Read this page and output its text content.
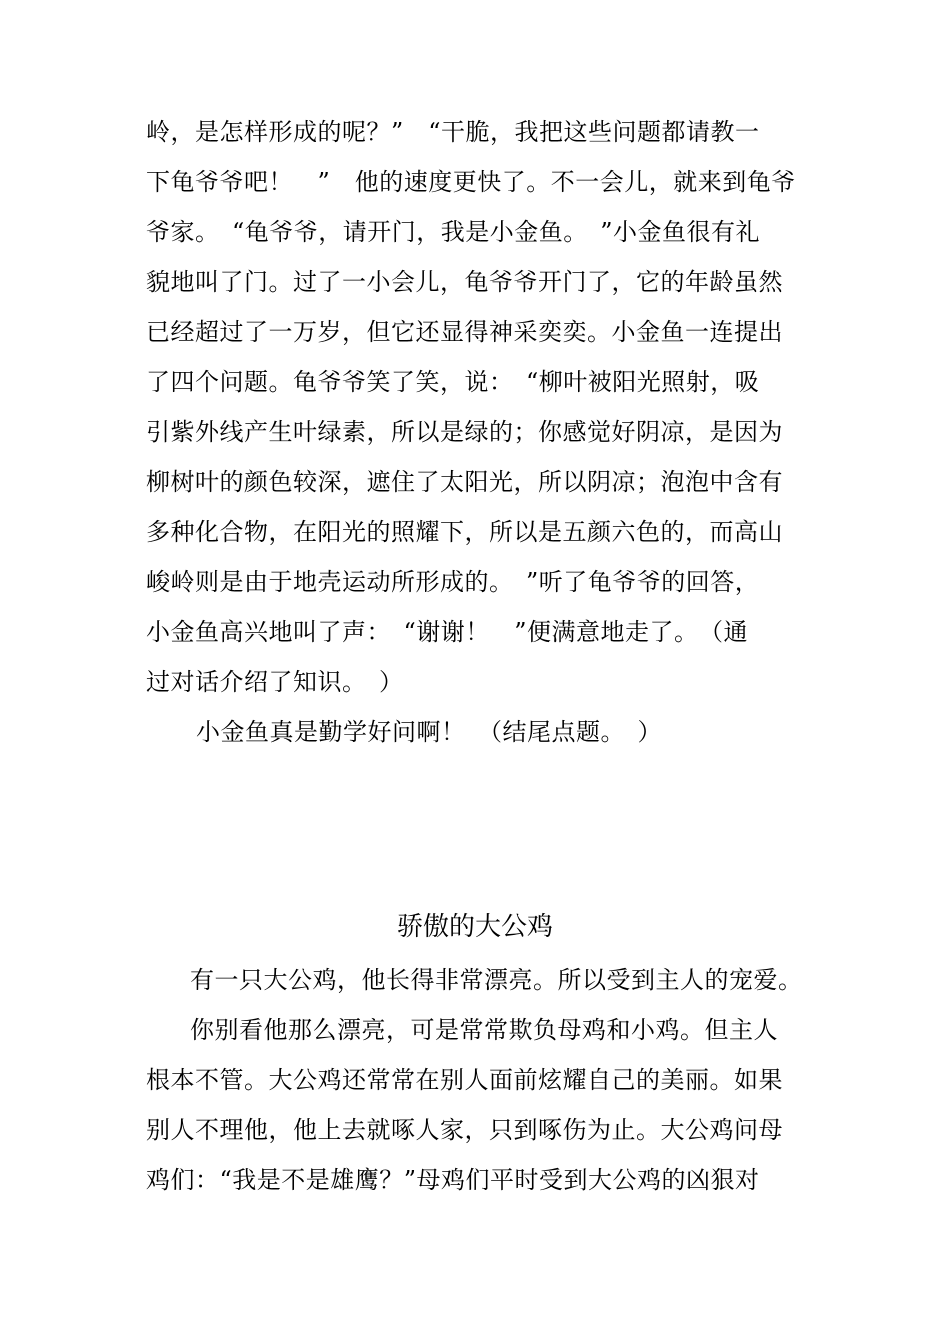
岭，是怎样形成的呢？”　“干脆，我把这些问题都请教一
下龟爷爷吧！　”　他的速度更快了。不一会儿，就来到龟爷
爷家。　“龟爷爷，请开门，我是小金鱼。　”小金鱼很有礼
貌地叫了门。过了一小会儿，龟爷爷开门了，它的年龄虽然
已经超过了一万岁，但它还显得神采奕奕。小金鱼一连提出
了四个问题。龟爷爷笑了笑，说：　“柳叶被阳光照射，吸
引紫外线产生叶绿素，所以是绿的；你感觉好阴凉，是因为
柳树叶的颜色较深，遮住了太阳光，所以阴凉；泡泡中含有
多种化合物，在阳光的照耀下，所以是五颜六色的，而高山
峻岭则是由于地壳运动所形成的。　”听了龟爷爷的回答，
小金鱼高兴地叫了声：　“谢谢！　”便满意地走了。　（通
过对话介绍了知识。　）
小金鱼真是勤学好问啊！　（结尾点题。　）
骄傲的大公鸡
有一只大公鸡，他长得非常漂亮。所以受到主人的宠爱。
你别看他那么漂亮，可是常常欺负母鸡和小鸡。但主人
根本不管。大公鸡还常常在别人面前炫耀自己的美丽。如果
别人不理他，他上去就啄人家，只到啄伤为止。大公鸡问母
鸡们：“我是不是雄鹰？”母鸡们平时受到大公鸡的凶狠对
